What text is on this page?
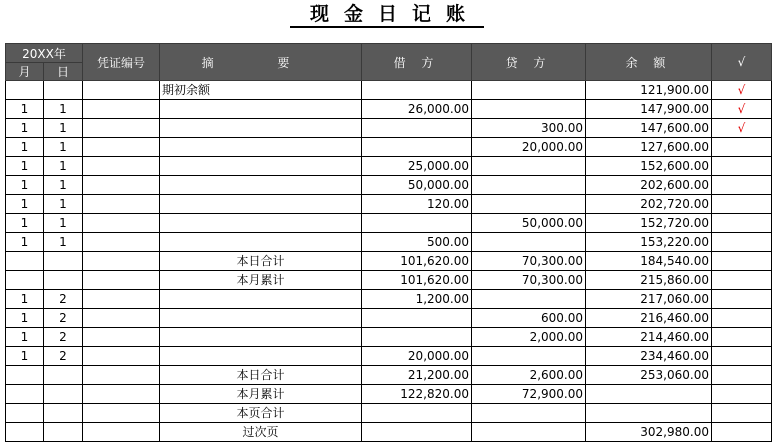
现金日记账
20XX年		凭证编号	摘 要	借 方	贷 方	余 额	√
月	日						
			期初余额			121,900.00	√
1	1			26,000.00		147,900.00	√
1	1				300.00	147,600.00	√
1	1				20,000.00	127,600.00	
1	1			25,000.00		152,600.00	
1	1			50,000.00		202,600.00	
1	1			120.00		202,720.00	
1	1				50,000.00	152,720.00	
1	1			500.00		153,220.00	
			本日合计	101,620.00	70,300.00	184,540.00	
			本月累计	101,620.00	70,300.00	215,860.00	
1	2			1,200.00		217,060.00	
1	2				600.00	216,460.00	
1	2				2,000.00	214,460.00	
1	2			20,000.00		234,460.00	
			本日合计	21,200.00	2,600.00	253,060.00	
			本月累计	122,820.00	72,900.00		
			本页合计				
			过次页			302,980.00	
